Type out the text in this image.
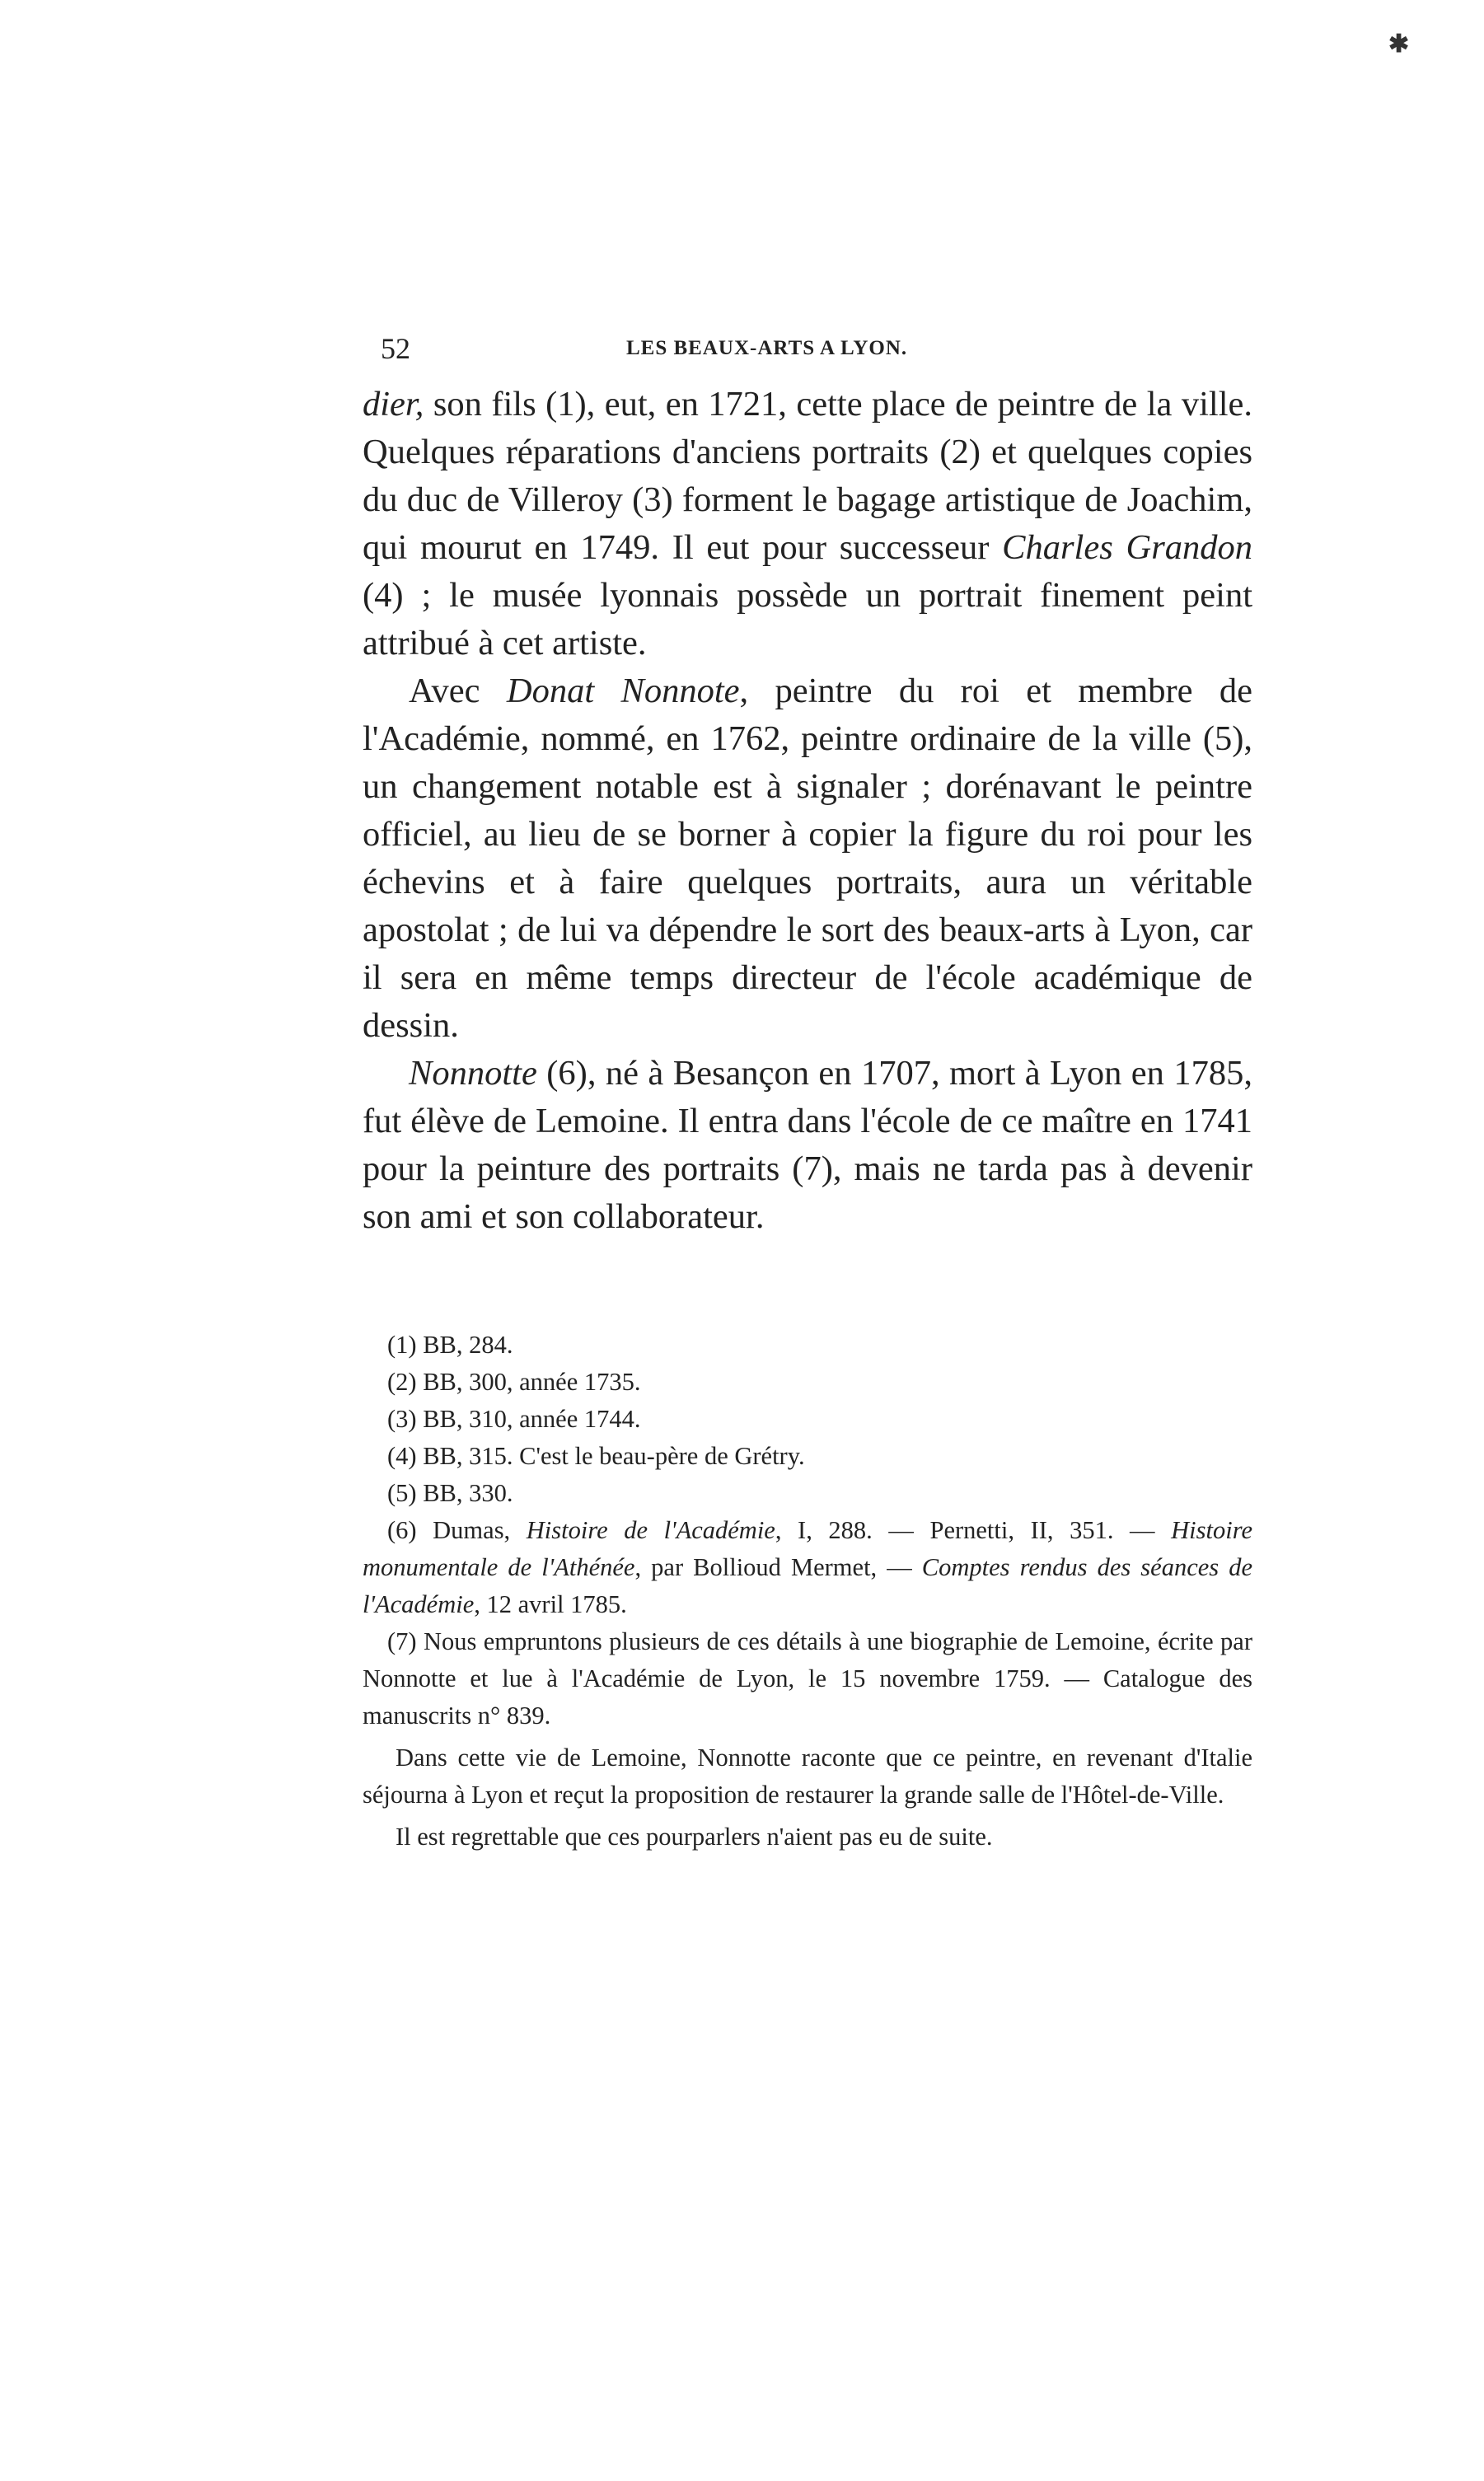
✱
52	LES BEAUX-ARTS A LYON.

dier, son fils (1), eut, en 1721, cette place de peintre de la ville. Quelques réparations d'anciens portraits (2) et quelques copies du duc de Villeroy (3) forment le bagage artistique de Joachim, qui mourut en 1749. Il eut pour successeur Charles Grandon (4) ; le musée lyonnais possède un portrait finement peint attribué à cet artiste.

Avec Donat Nonnote, peintre du roi et membre de l'Académie, nommé, en 1762, peintre ordinaire de la ville (5), un changement notable est à signaler ; dorénavant le peintre officiel, au lieu de se borner à copier la figure du roi pour les échevins et à faire quelques portraits, aura un véritable apostolat ; de lui va dépendre le sort des beaux-arts à Lyon, car il sera en même temps directeur de l'école académique de dessin.

Nonnotte (6), né à Besançon en 1707, mort à Lyon en 1785, fut élève de Lemoine. Il entra dans l'école de ce maître en 1741 pour la peinture des portraits (7), mais ne tarda pas à devenir son ami et son collaborateur.

(1) BB, 284.

(2) BB, 300, année 1735.

(3) BB, 310, année 1744.

(4) BB, 315. C'est le beau-père de Grétry.

(5) BB, 330.

(6) Dumas, Histoire de l'Académie, I, 288. — Pernetti, II, 351. — Histoire monumentale de l'Athénée, par Bollioud Mermet, — Comptes rendus des séances de l'Académie, 12 avril 1785.

(7) Nous empruntons plusieurs de ces détails à une biographie de Lemoine, écrite par Nonnotte et lue à l'Académie de Lyon, le 15 novembre 1759. — Catalogue des manuscrits n° 839.

Dans cette vie de Lemoine, Nonnotte raconte que ce peintre, en revenant d'Italie séjourna à Lyon et reçut la proposition de restaurer la grande salle de l'Hôtel-de-Ville.

Il est regrettable que ces pourparlers n'aient pas eu de suite.
